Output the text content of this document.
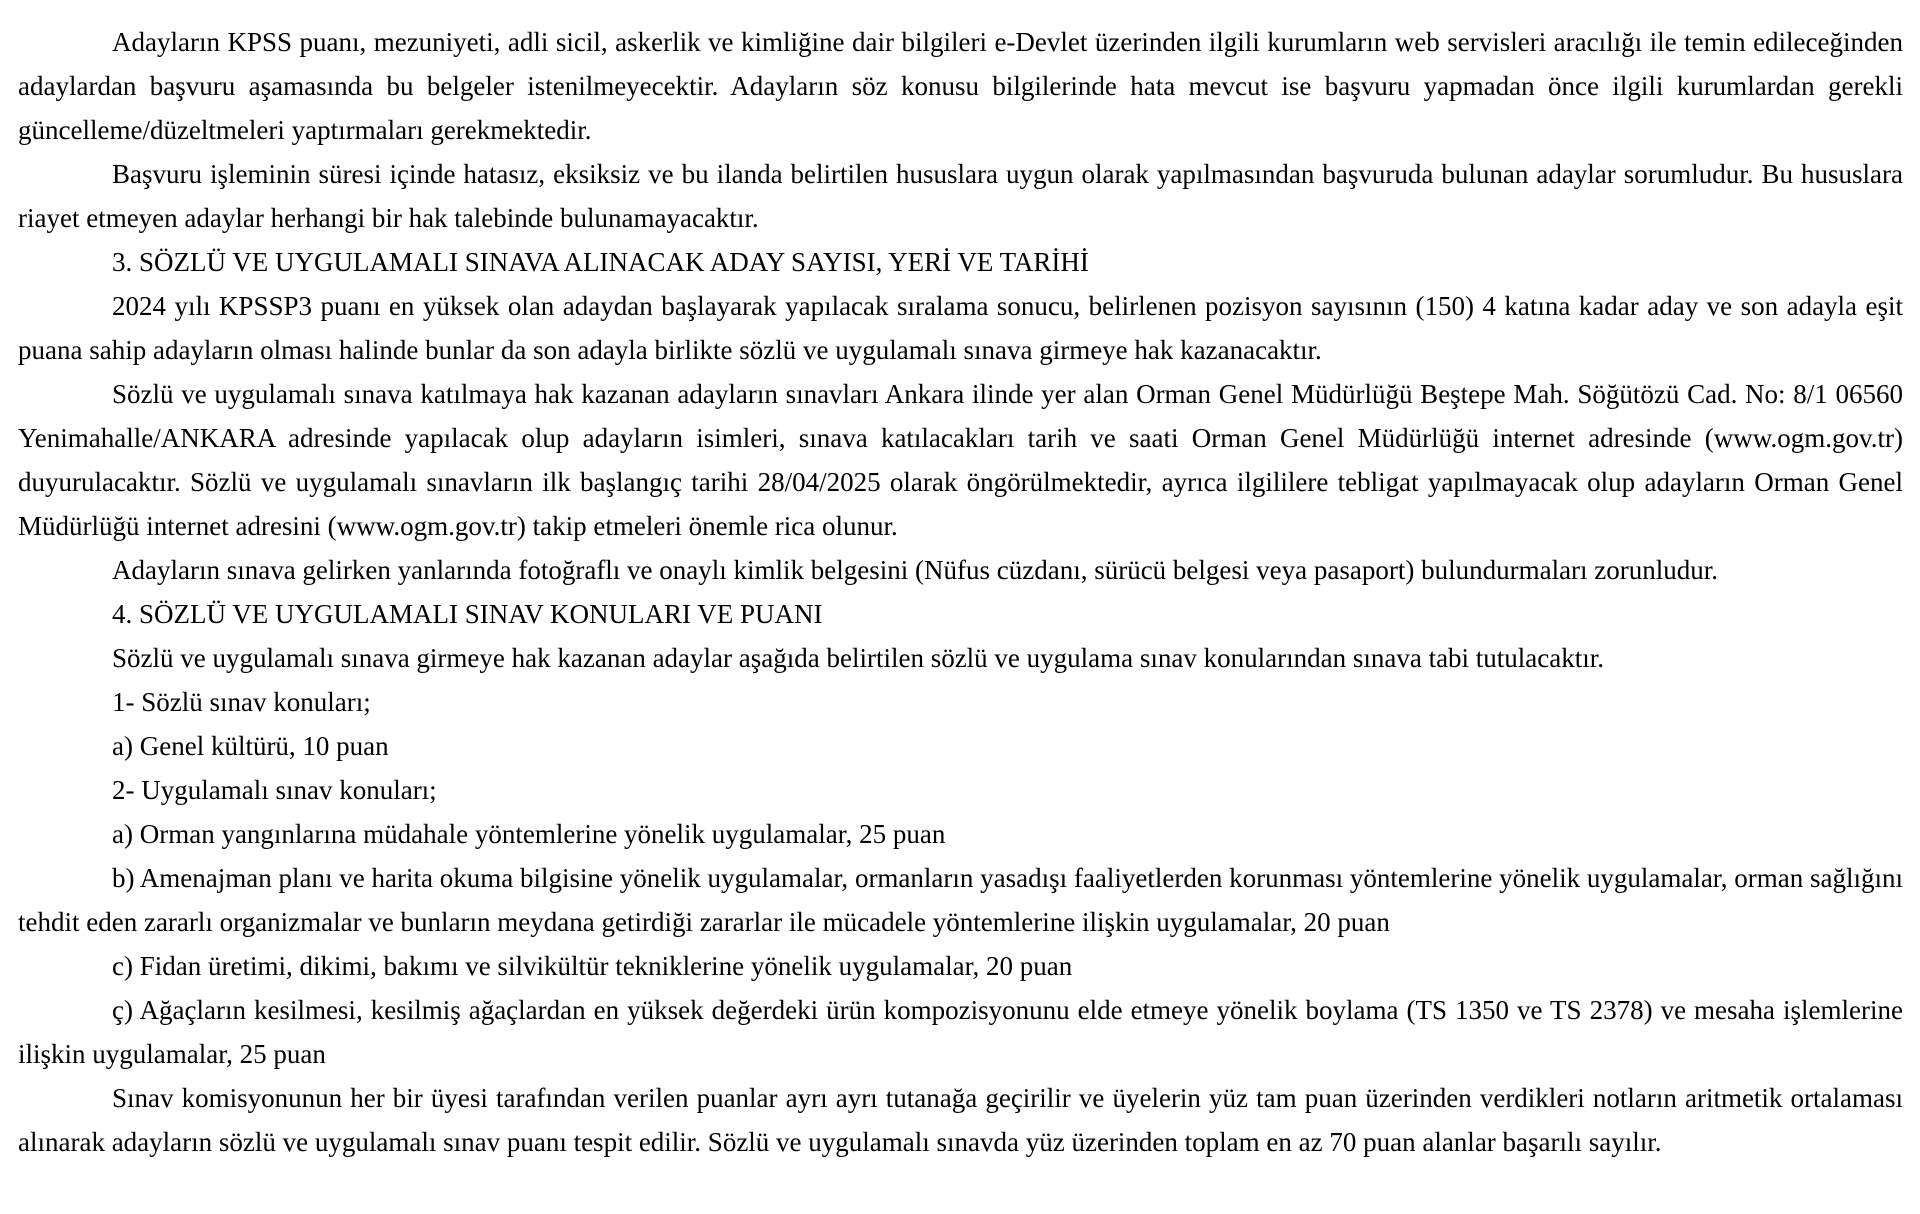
Adayların KPSS puanı, mezuniyeti, adli sicil, askerlik ve kimliğine dair bilgileri e-Devlet üzerinden ilgili kurumların web servisleri aracılığı ile temin edileceğinden adaylardan başvuru aşamasında bu belgeler istenilmeyecektir. Adayların söz konusu bilgilerinde hata mevcut ise başvuru yapmadan önce ilgili kurumlardan gerekli güncelleme/düzeltmeleri yaptırmaları gerekmektedir.

Başvuru işleminin süresi içinde hatasız, eksiksiz ve bu ilanda belirtilen hususlara uygun olarak yapılmasından başvuruda bulunan adaylar sorumludur. Bu hususlara riayet etmeyen adaylar herhangi bir hak talebinde bulunamayacaktır.

3. SÖZLÜ VE UYGULAMALI SINAVA ALINACAK ADAY SAYISI, YERİ VE TARİHİ

2024 yılı KPSSP3 puanı en yüksek olan adaydan başlayarak yapılacak sıralama sonucu, belirlenen pozisyon sayısının (150) 4 katına kadar aday ve son adayla eşit puana sahip adayların olması halinde bunlar da son adayla birlikte sözlü ve uygulamalı sınava girmeye hak kazanacaktır.

Sözlü ve uygulamalı sınava katılmaya hak kazanan adayların sınavları Ankara ilinde yer alan Orman Genel Müdürlüğü Beştepe Mah. Söğütözü Cad. No: 8/1 06560 Yenimahalle/ANKARA adresinde yapılacak olup adayların isimleri, sınava katılacakları tarih ve saati Orman Genel Müdürlüğü internet adresinde (www.ogm.gov.tr) duyurulacaktır. Sözlü ve uygulamalı sınavların ilk başlangıç tarihi 28/04/2025 olarak öngörülmektedir, ayrıca ilgililere tebligat yapılmayacak olup adayların Orman Genel Müdürlüğü internet adresini (www.ogm.gov.tr) takip etmeleri önemle rica olunur.

Adayların sınava gelirken yanlarında fotoğraflı ve onaylı kimlik belgesini (Nüfus cüzdanı, sürücü belgesi veya pasaport) bulundurmaları zorunludur.

4. SÖZLÜ VE UYGULAMALI SINAV KONULARI VE PUANI

Sözlü ve uygulamalı sınava girmeye hak kazanan adaylar aşağıda belirtilen sözlü ve uygulama sınav konularından sınava tabi tutulacaktır.

1- Sözlü sınav konuları;

a) Genel kültürü, 10 puan

2- Uygulamalı sınav konuları;

a) Orman yangınlarına müdahale yöntemlerine yönelik uygulamalar, 25 puan

b) Amenajman planı ve harita okuma bilgisine yönelik uygulamalar, ormanların yasadışı faaliyetlerden korunması yöntemlerine yönelik uygulamalar, orman sağlığını tehdit eden zararlı organizmalar ve bunların meydana getirdiği zararlar ile mücadele yöntemlerine ilişkin uygulamalar, 20 puan

c) Fidan üretimi, dikimi, bakımı ve silvikültür tekniklerine yönelik uygulamalar, 20 puan

ç) Ağaçların kesilmesi, kesilmiş ağaçlardan en yüksek değerdeki ürün kompozisyonunu elde etmeye yönelik boylama (TS 1350 ve TS 2378) ve mesaha işlemlerine ilişkin uygulamalar, 25 puan

Sınav komisyonunun her bir üyesi tarafından verilen puanlar ayrı ayrı tutanağa geçirilir ve üyelerin yüz tam puan üzerinden verdikleri notların aritmetik ortalaması alınarak adayların sözlü ve uygulamalı sınav puanı tespit edilir. Sözlü ve uygulamalı sınavda yüz üzerinden toplam en az 70 puan alanlar başarılı sayılır.
